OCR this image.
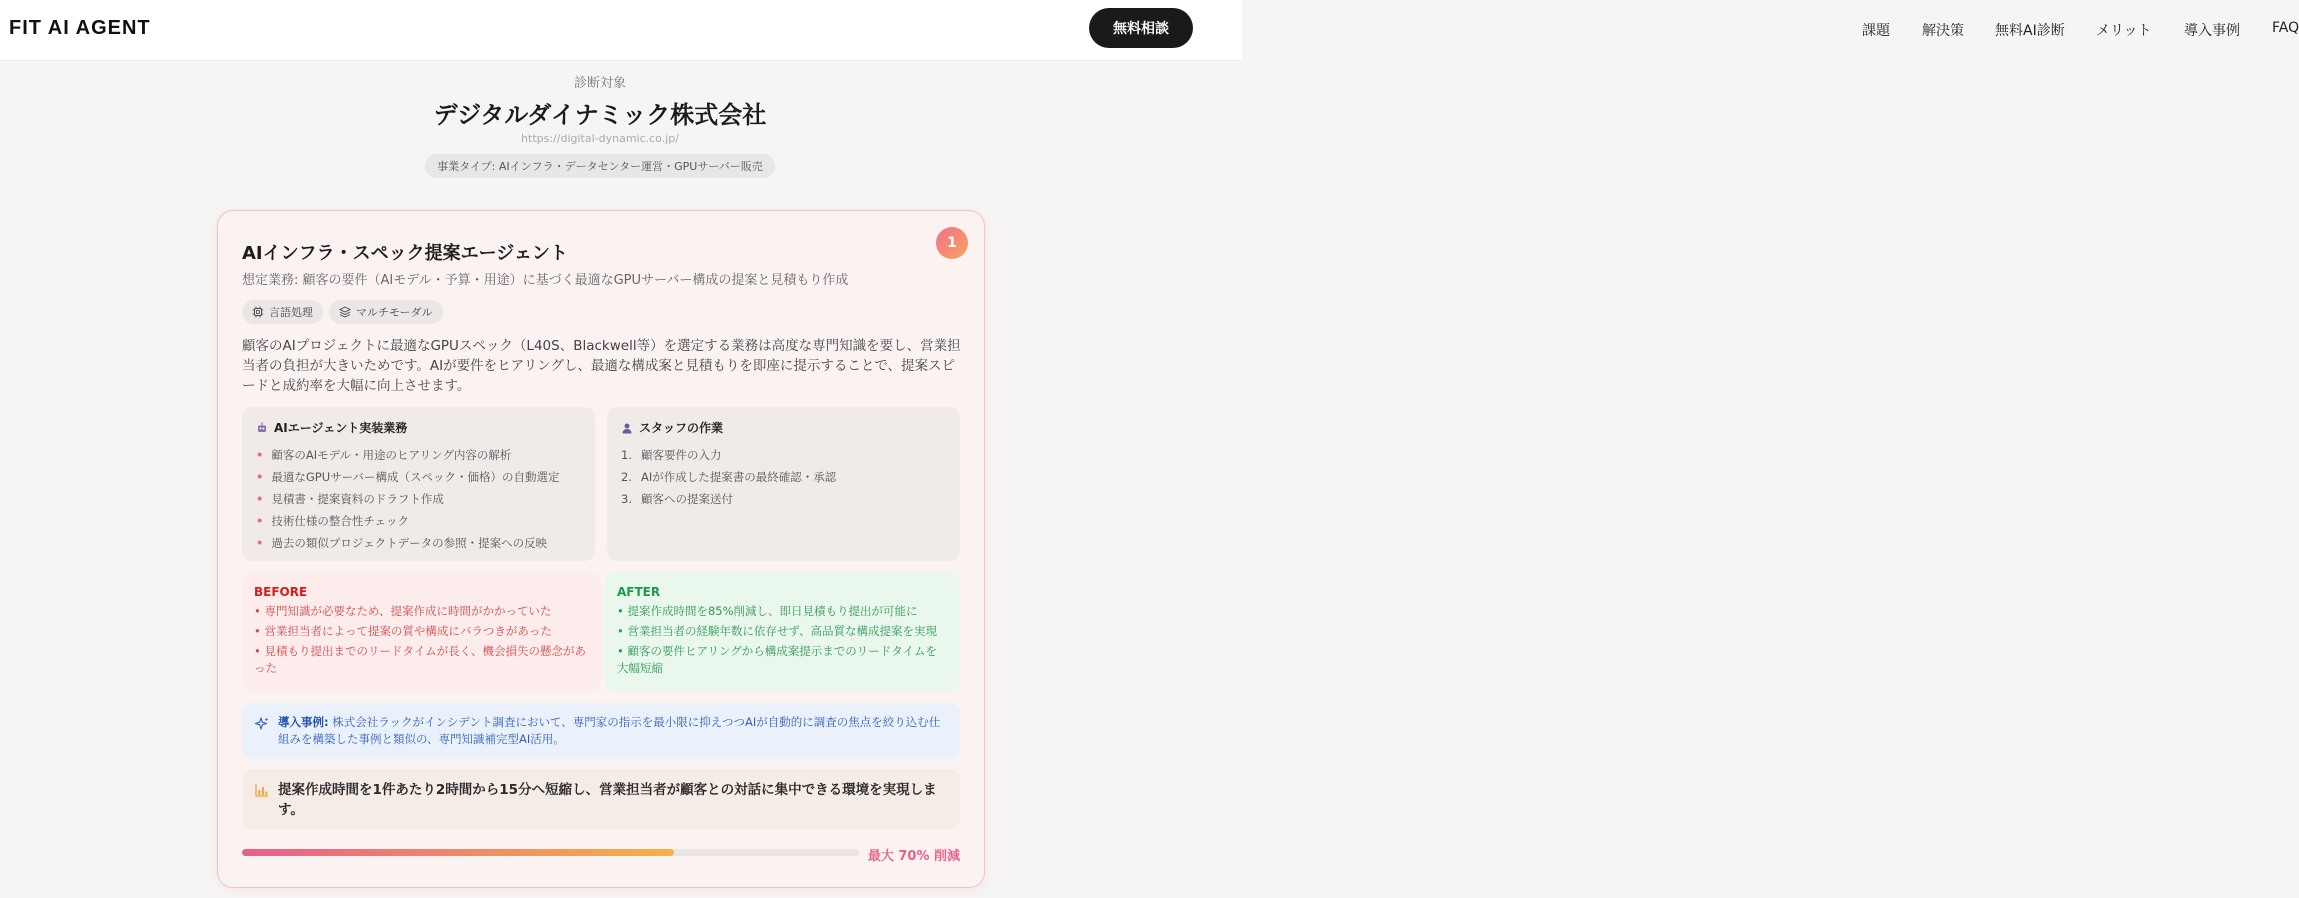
FIT AI AGENT	課題 解決策 無料AI診断 メリット 導入事例 FAQ
無料相談
診断対象
デジタルダイナミック株式会社
https://digital-dynamic.co.jp/
事業タイプ: AIインフラ・データセンター運営・GPUサーバー販売
1
AIインフラ・スペック提案エージェント
想定業務: 顧客の要件（AIモデル・予算・用途）に基づく最適なGPUサーバー構成の提案と見積もり作成
言語処理	マルチモーダル
顧客のAIプロジェクトに最適なGPUスペック（L40S、Blackwell等）を選定する業務は高度な専門知識を要し、営業担当者の負担が大きいためです。AIが要件をヒアリングし、最適な構成案と見積もりを即座に提示することで、提案スピードと成約率を大幅に向上させます。
AIエージェント実装業務
• 顧客のAIモデル・用途のヒアリング内容の解析
• 最適なGPUサーバー構成（スペック・価格）の自動選定
• 見積書・提案資料のドラフト作成
• 技術仕様の整合性チェック
• 過去の類似プロジェクトデータの参照・提案への反映
スタッフの作業
1. 顧客要件の入力
2. AIが作成した提案書の最終確認・承認
3. 顧客への提案送付
BEFORE
• 専門知識が必要なため、提案作成に時間がかかっていた
• 営業担当者によって提案の質や構成にバラつきがあった
• 見積もり提出までのリードタイムが長く、機会損失の懸念があった
AFTER
• 提案作成時間を85%削減し、即日見積もり提出が可能に
• 営業担当者の経験年数に依存せず、高品質な構成提案を実現
• 顧客の要件ヒアリングから構成案提示までのリードタイムを大幅短縮
導入事例: 株式会社ラックがインシデント調査において、専門家の指示を最小限に抑えつつAIが自動的に調査の焦点を絞り込む仕組みを構築した事例と類似の、専門知識補完型AI活用。
提案作成時間を1件あたり2時間から15分へ短縮し、営業担当者が顧客との対話に集中できる環境を実現します。
最大 70% 削減
